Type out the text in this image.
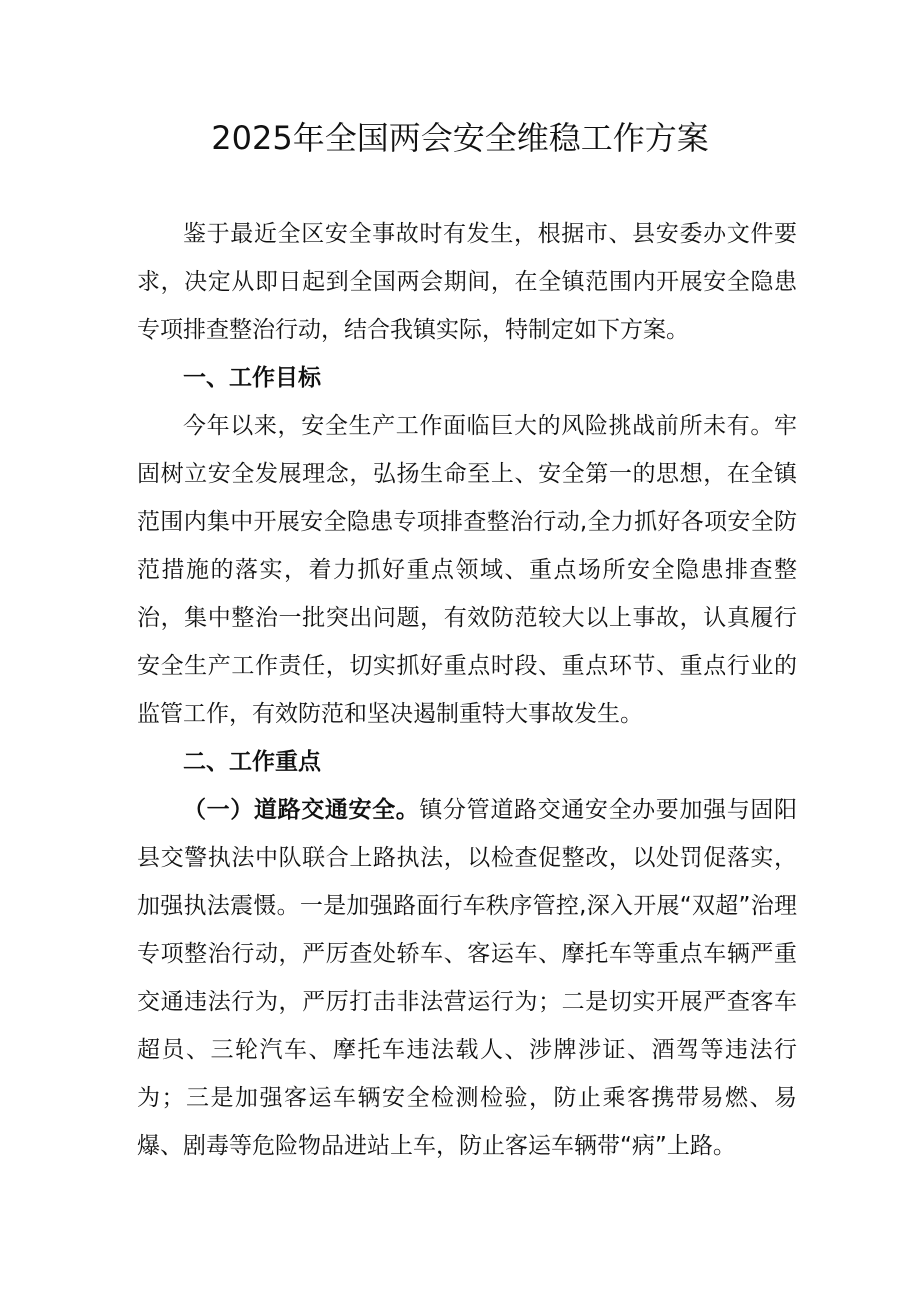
2025年全国两会安全维稳工作方案

鉴于最近全区安全事故时有发生，根据市、县安委办文件要求，决定从即日起到全国两会期间，在全镇范围内开展安全隐患专项排查整治行动，结合我镇实际，特制定如下方案。

一、工作目标

今年以来，安全生产工作面临巨大的风险挑战前所未有。牢固树立安全发展理念，弘扬生命至上、安全第一的思想，在全镇范围内集中开展安全隐患专项排查整治行动,全力抓好各项安全防范措施的落实，着力抓好重点领域、重点场所安全隐患排查整治，集中整治一批突出问题，有效防范较大以上事故，认真履行安全生产工作责任，切实抓好重点时段、重点环节、重点行业的监管工作，有效防范和坚决遏制重特大事故发生。

二、工作重点

（一）道路交通安全。镇分管道路交通安全办要加强与固阳县交警执法中队联合上路执法，以检查促整改，以处罚促落实，加强执法震慑。一是加强路面行车秩序管控,深入开展“双超”治理专项整治行动，严厉查处轿车、客运车、摩托车等重点车辆严重交通违法行为，严厉打击非法营运行为；二是切实开展严查客车超员、三轮汽车、摩托车违法载人、涉牌涉证、酒驾等违法行为；三是加强客运车辆安全检测检验，防止乘客携带易燃、易爆、剧毒等危险物品进站上车，防止客运车辆带“病”上路。
